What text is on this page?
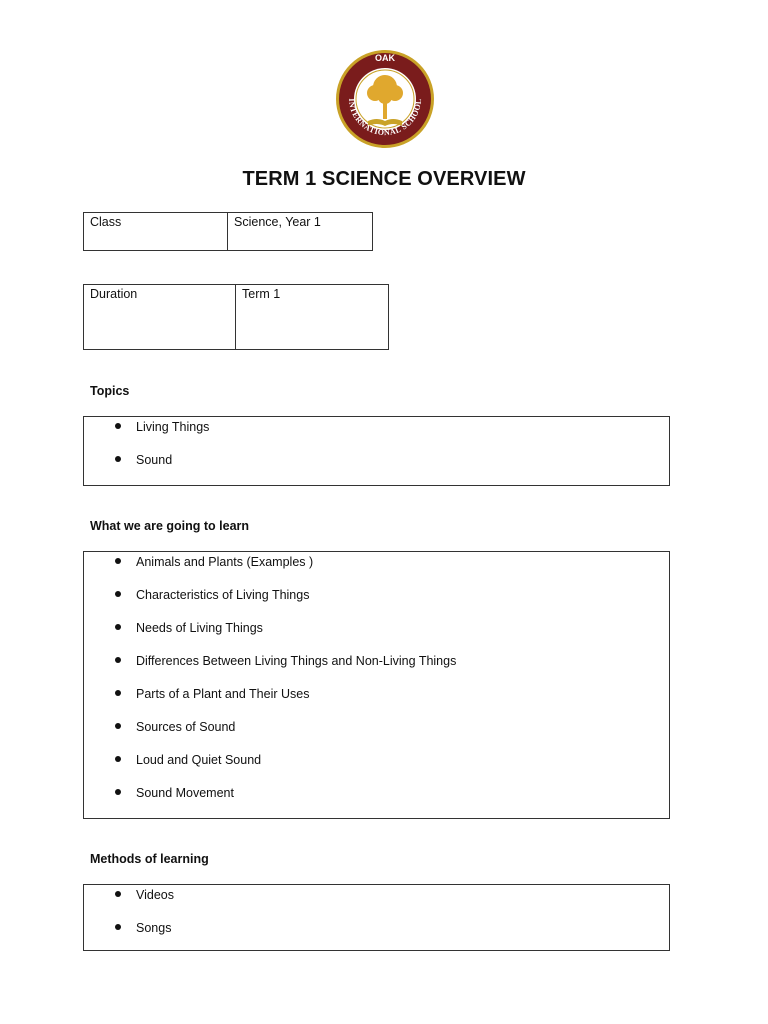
OAK
INTERNATIONAL SCHOOL
TERM 1 SCIENCE OVERVIEW
Class	Science, Year 1
Duration	Term 1
Topics
Living Things
Sound
What we are going to learn
Animals and Plants (Examples )
Characteristics of Living Things
Needs of Living Things
Differences Between Living Things and Non-Living Things
Parts of a Plant and Their Uses
Sources of Sound
Loud and Quiet Sound
Sound Movement
Methods of learning
Videos
Songs
